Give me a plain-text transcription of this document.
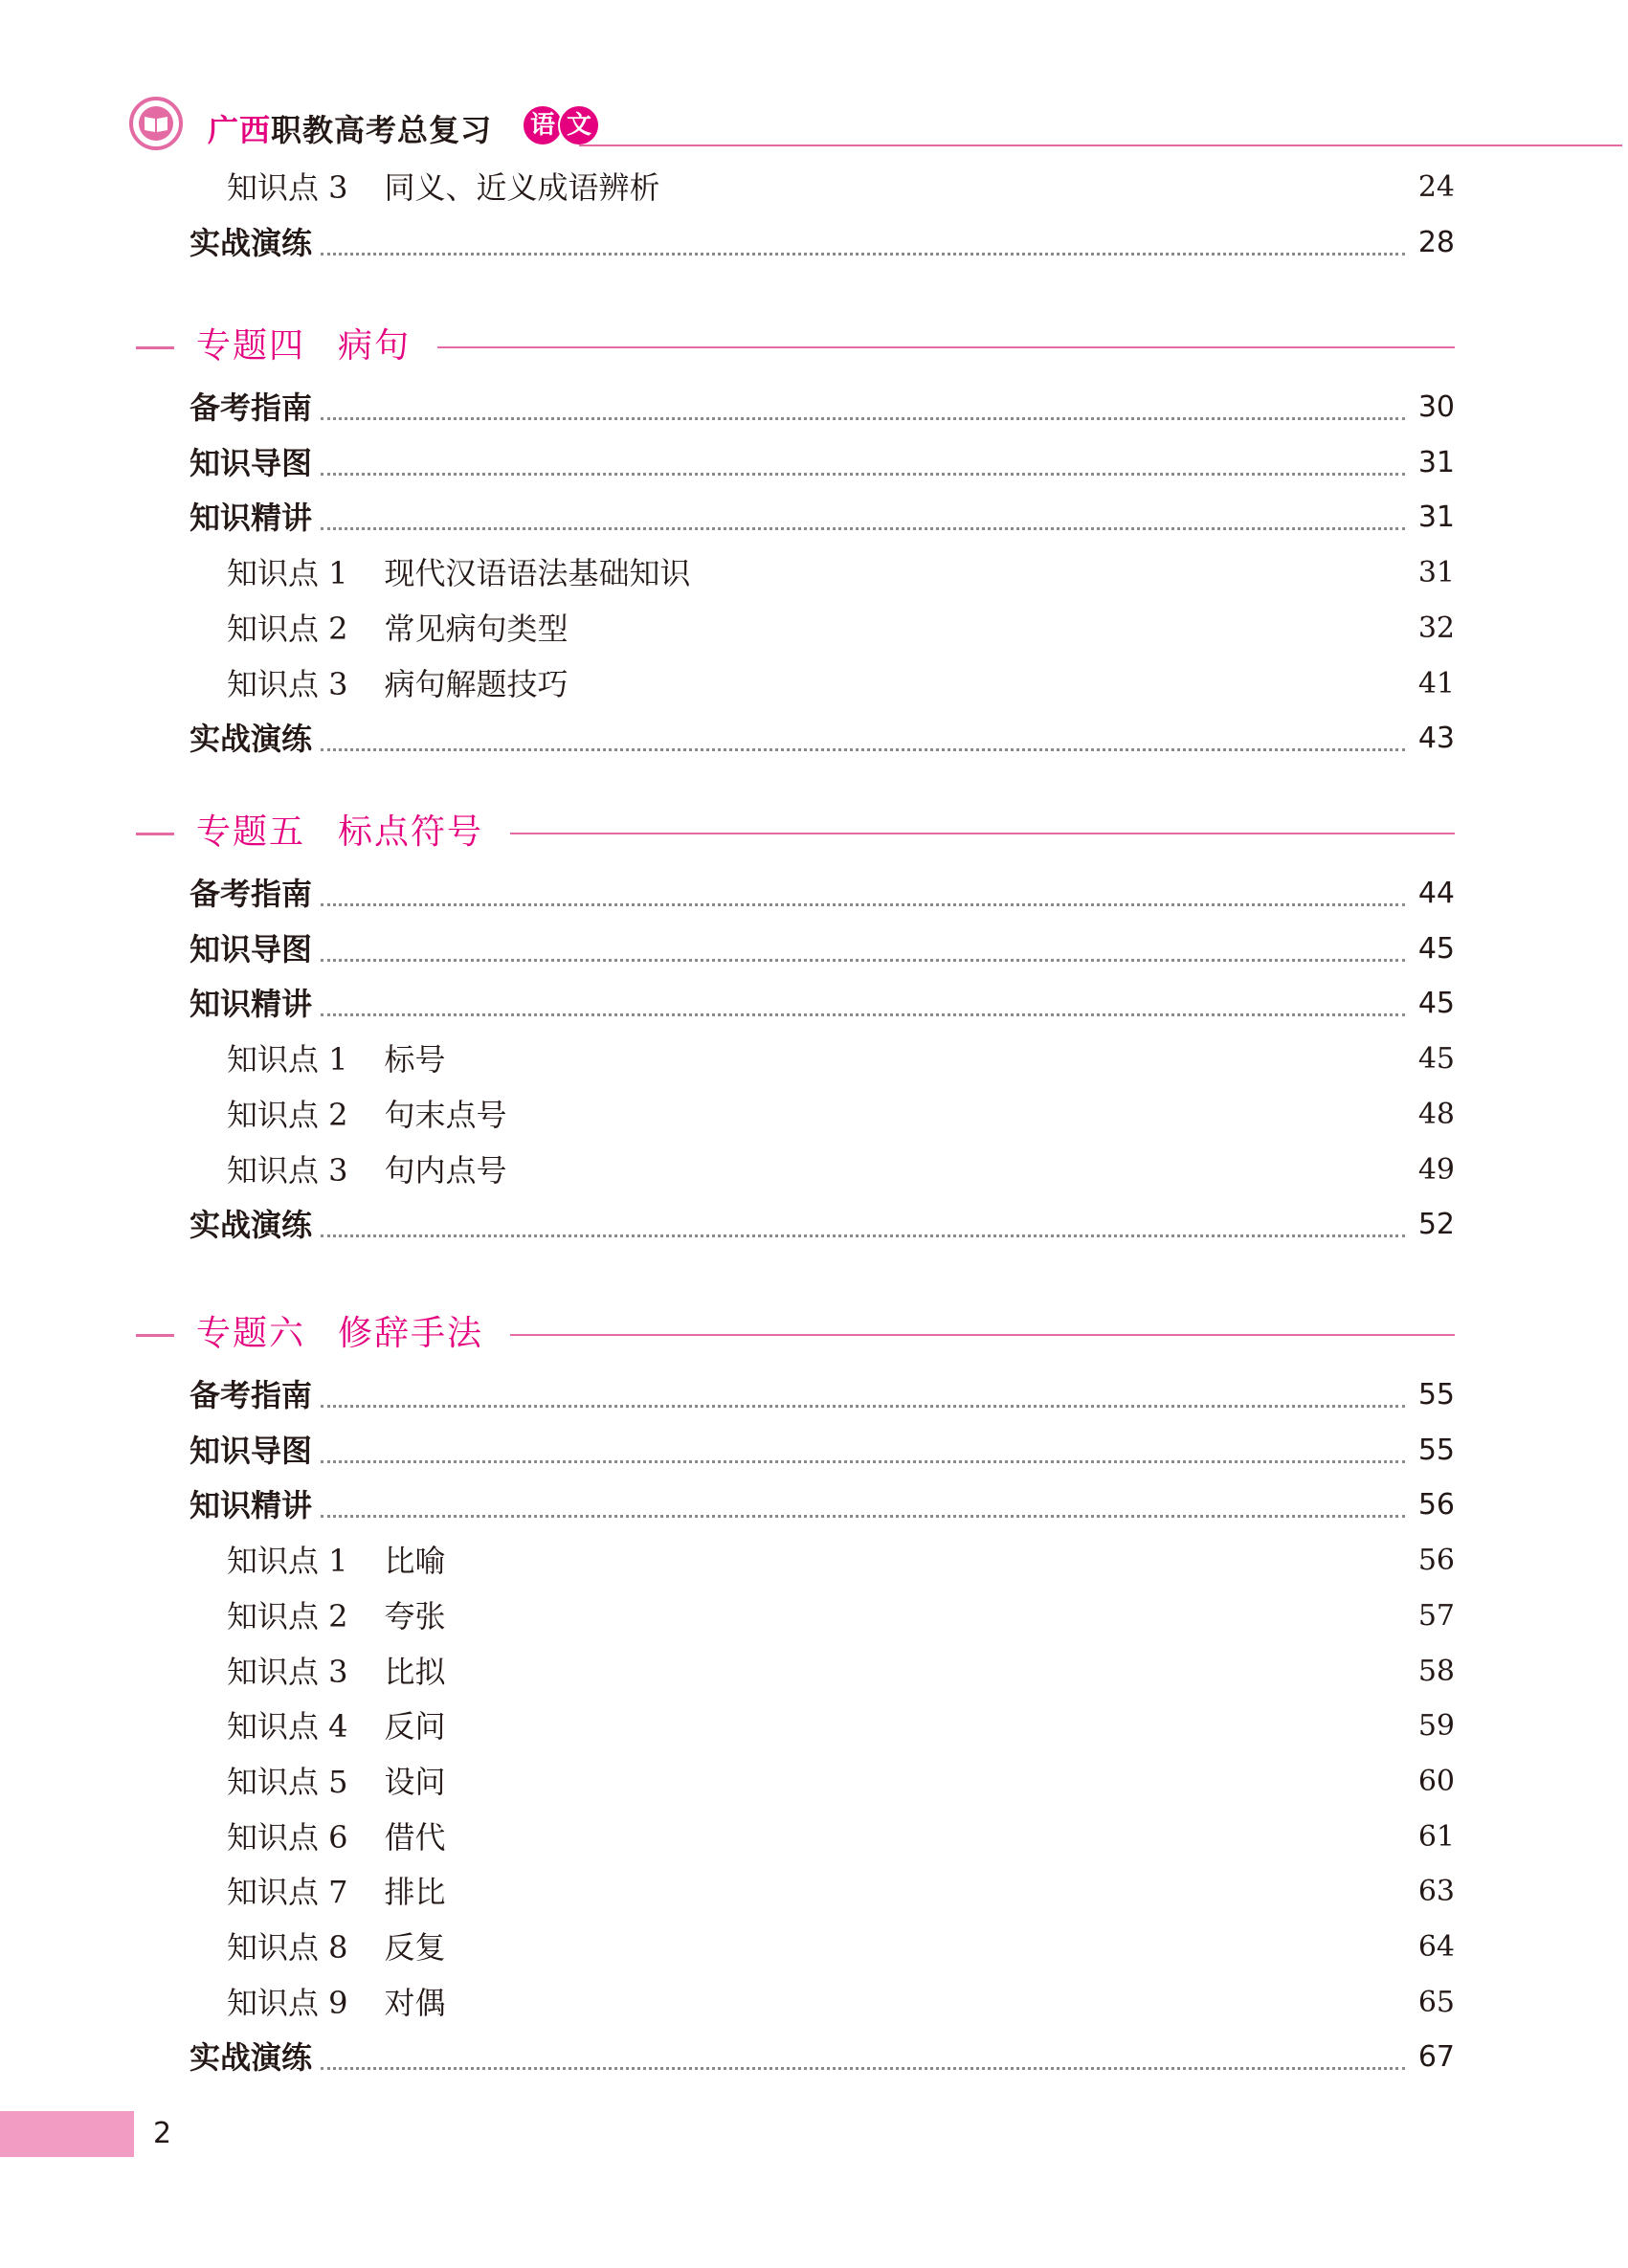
广西职教高考总复习	语 文
知识点 3 同义、近义成语辨析	24
实战演练	28
专题四 病句
备考指南	30
知识导图	31
知识精讲	31
知识点 1 现代汉语语法基础知识	31
知识点 2 常见病句类型	32
知识点 3 病句解题技巧	41
实战演练	43
专题五 标点符号
备考指南	44
知识导图	45
知识精讲	45
知识点 1 标号	45
知识点 2 句末点号	48
知识点 3 句内点号	49
实战演练	52
专题六 修辞手法
备考指南	55
知识导图	55
知识精讲	56
知识点 1 比喻	56
知识点 2 夸张	57
知识点 3 比拟	58
知识点 4 反问	59
知识点 5 设问	60
知识点 6 借代	61
知识点 7 排比	63
知识点 8 反复	64
知识点 9 对偶	65
实战演练	67
2
